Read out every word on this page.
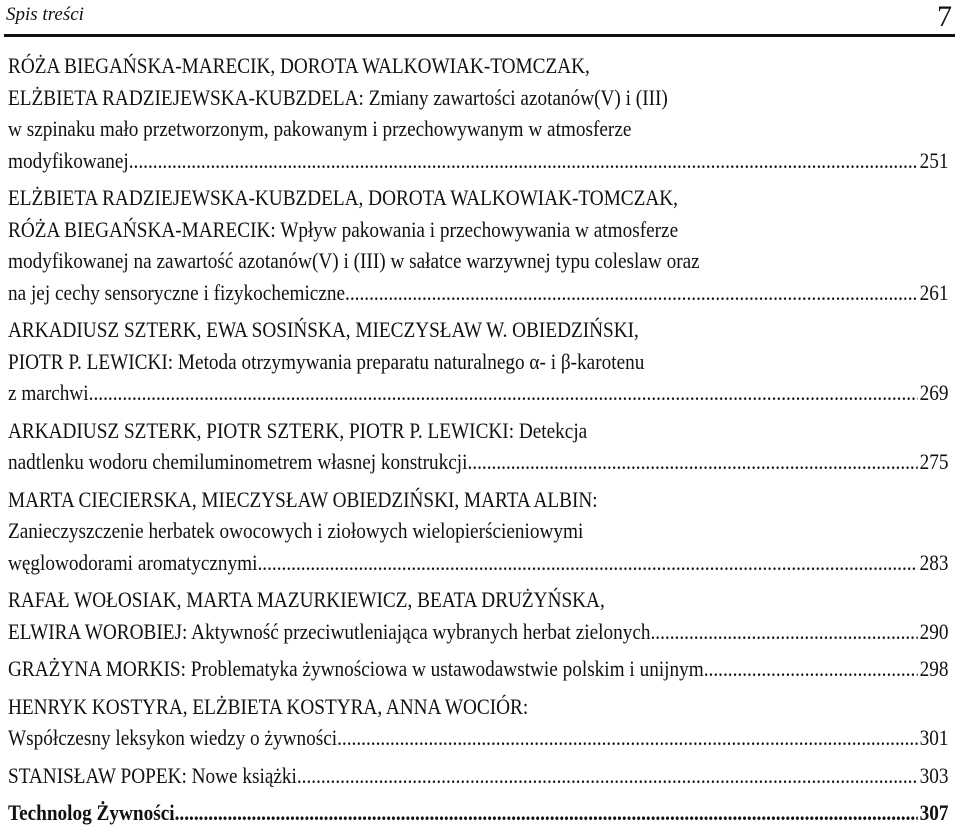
Spis treści	7
RÓŻA BIEGAŃSKA-MARECIK, DOROTA WALKOWIAK-TOMCZAK,
ELŻBIETA RADZIEJEWSKA-KUBZDELA: Zmiany zawartości azotanów(V) i (III)
w szpinaku mało przetworzonym, pakowanym i przechowywanym w atmosferze
modyfikowanej .....	251
ELŻBIETA RADZIEJEWSKA-KUBZDELA, DOROTA WALKOWIAK-TOMCZAK,
RÓŻA BIEGAŃSKA-MARECIK: Wpływ pakowania i przechowywania w atmosferze
modyfikowanej na zawartość azotanów(V) i (III) w sałatce warzywnej typu coleslaw oraz
na jej cechy sensoryczne i fizykochemiczne .....	261
ARKADIUSZ SZTERK, EWA SOSIŃSKA, MIECZYSŁAW W. OBIEDZIŃSKI,
PIOTR P. LEWICKI: Metoda otrzymywania preparatu naturalnego α- i β-karotenu
z marchwi .....	269
ARKADIUSZ SZTERK, PIOTR SZTERK, PIOTR P. LEWICKI: Detekcja
nadtlenku wodoru chemiluminometrem własnej konstrukcji .....	275
MARTA CIECIERSKA, MIECZYSŁAW OBIEDZIŃSKI, MARTA ALBIN:
Zanieczyszczenie herbatek owocowych i ziołowych wielopierścieniowymi
węglowodorami aromatycznymi .....	283
RAFAŁ WOŁOSIAK, MARTA MAZURKIEWICZ, BEATA DRUŻYŃSKA,
ELWIRA WOROBIEJ: Aktywność przeciwutleniająca wybranych herbat zielonych .....	290
GRAŻYNA MORKIS: Problematyka żywnościowa w ustawodawstwie polskim i unijnym .....	298
HENRYK KOSTYRA, ELŻBIETA KOSTYRA, ANNA WOCIÓR:
Współczesny leksykon wiedzy o żywności .....	301
STANISŁAW POPEK: Nowe książki .....	303
Technolog Żywności .....	307
